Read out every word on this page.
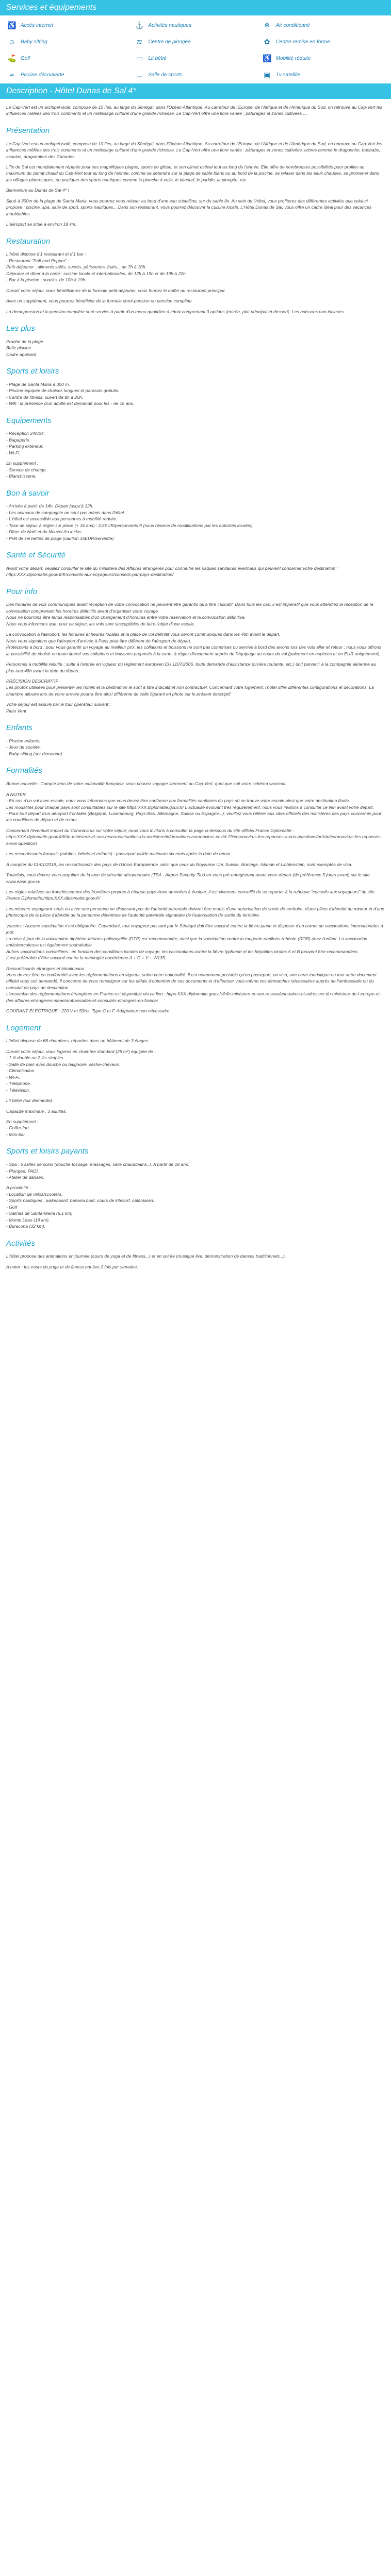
Services et équipements
♿ Accès internet	⚓ Activités nautiques	❄	Air conditionné
☺ Baby sitting	≋	Centre de plongée	✿	Centre remise en forme
⛳ Golf	▭ Lit bébé	♿ Mobilité réduite
≈	Piscine découverte	⚊ Salle de sports	▣ Tv satellite
Description - Hôtel Dunas de Sal 4*

Le Cap-Vert est un archipel isolé, composé de 10 îles, au large du Sénégal, dans l'Océan Atlantique. Au carrefour de l'Europe, de l'Afrique et de l'Amérique du Sud, on retrouve au Cap-Vert les influences mêlées des trois continents et un métissage culturel d'une grande richesse. Le Cap-Vert offre une flore variée : pâturages et zones cultivées ....

Présentation

Le Cap-Vert est un archipel isolé, composé de 10 îles, au large du Sénégal, dans l'Océan Atlantique. Au carrefour de l'Europe, de l'Afrique et de l'Amérique du Sud, on retrouve au Cap-Vert les influences mêlées des trois continents et un métissage culturel d'une grande richesse. Le Cap-Vert offre une flore variée : pâturages et zones cultivées, arbres comme le dragonnier, baobabs, acacias, dragonniers des Canaries.

L'île de Sal est mondialement réputée pour ses magnifiques plages, sports de glisse, et son climat estival tout au long de l'année. Elle offre de nombreuses possibilités pour profiter au maximum du climat chaud du Cap-Vert tout au long de l'année, comme se détendre sur la plage de sable blanc ou au bord de la piscine, se relaxer dans les eaux chaudes, se promener dans les villages pittoresques, ou pratiquer des sports nautiques comme la planche à voile, le kitesurf, le paddle, la plongée, etc.

Bienvenue au Dunas de Sal 4* !

Situé à 300m de la plage de Santa Maria, vous pourrez vous relaxer au bord d'une eau cristalline, sur du sable fin. Au sein de l'hôtel, vous profiterez des différentes activités que celui-ci propose : piscine, spa, salle de sport, sports nautiques... Dans son restaurant, vous pourrez découvrir la cuisine locale. L'Hôtel Dunas de Sal, vous offre un cadre idéal pour des vacances inoubliables.

L'aéroport se situe à environ 18 km.

Restauration

L'hôtel dispose d'1 restaurant et d'1 bar :
- Restaurant "Salt and Pepper" :
Petit-déjeuner : aliments salés, sucrés, pâtisseries, fruits... de 7h à 10h.
Déjeuner et dîner à la carte : cuisine locale et internationales, de 12h à 15h et de 19h à 22h.
- Bar à la piscine : snacks, de 10h à 19h.

Durant votre séjour, vous bénéficierez de la formule petit-déjeuner, vous formez le buffet au restaurant principal.

Avec un supplément, vous pourrez bénéficier de la formule demi-pension ou pension complète.

La demi-pension et la pension complète sont servies à partir d'un menu quotidien à choix comprenant 3 options (entrée, plat principal et dessert). Les boissons non incluses.

Les plus

Proche de la plage
Belle piscine
Cadre apaisant

Sports et loisirs

- Plage de Santa Maria à 300 m.
- Piscine équipée de chaises longues et parasols gratuits.
- Centre de fitness, ouvert de 8h à 20h.
- Wifi : la présence d'un adulte est demandé pour les - de 16 ans.

Equipements

- Réception 24h/24.
- Bagagerie.
- Parking extérieur.
- Wi-Fi.

En supplément :
- Service de change.
- Blanchisserie.

Bon à savoir

- Arrivée à partir de 14h. Départ jusqu'à 12h.
- Les animaux de compagnie ne sont pas admis dans l'hôtel.
- L'hôtel est accessible aux personnes à mobilité réduite.
- Taxe de séjour à régler sur place (+ 16 ans) : 2,5EUR/personne/nuit (sous réserve de modifications par les autorités locales).
- Dîner de Noël et du Nouvel An inclus.
- Prêt de serviettes de plage (caution 15EUR/serviette).

Santé et Sécurité

Avant votre départ, veuillez consulter le site du ministère des Affaires étrangères pour connaître les risques sanitaires éventuels qui peuvent concerner votre destination : https:XXX.diplomatie.gouv.fr/fr/conseils-aux-voyageurs/conseils-par-pays-destination/

Pour info

Des horaires de vols communiqués avant réception de votre convocation ne peuvent être garantis qu'à titre indicatif. Dans tous les cas, il est impératif que vous attendiez la réception de la convocation comprenant les horaires définitifs avant d'organiser votre voyage.
Nous ne pourrons être tenus responsables d'un changement d'horaires entre votre réservation et la convocation définitive.
Nous vous informons que, pour ce séjour, les vols sont susceptibles de faire l'objet d'une escale.

La convocation à l'aéroport, les horaires et heures locales et la place de vol définitif vous seront communiqués dans les 48h avant le départ.
Nous vous signalons que l'aéroport d'arrivée à Paris peut être différent de l'aéroport de départ.
Protections à bord : pour vous garantir un voyage au meilleur prix, les collations et boissons ne sont pas comprises ou servies à bord des avions lors des vols aller et retour ; nous vous offrons la possibilité de choisir en toute liberté vos collations et boissons proposés à la carte, à régler directement auprès de l'équipage au cours du vol (paiement en espèces et en EUR uniquement).

Personnes à mobilité réduite : suite à l'entrée en vigueur du règlement européen EU 1107/2006, toute demande d'assistance (civière roulante, etc.) doit parvenir à la compagnie aérienne au plus tard 48h avant la date du départ.

PRÉCISION DESCRIPTIF
Les photos utilisées pour présenter les hôtels et la destination le sont à titre indicatif et non contractuel. Concernant votre logement, l'hôtel offre différentes configurations et décorations. La chambre allouée lors de votre arrivée pourra être ainsi différente de celle figurant en photo sur le présent descriptif.

Votre séjour est assuré par le tour opérateur suivant :
Plein Vent

Enfants

- Piscine enfants.
- Jeux de société.
- Baby-sitting (sur demande).

Formalités

Bonne nouvelle : Compte tenu de votre nationalité française, vous pouvez voyager librement au Cap-Vert, quel que soit votre schéma vaccinal.

A NOTER
- En cas d'un vol avec escale, nous vous informons que vous devez être conforme aux formalités sanitaires du pays où se trouve votre escale ainsi que votre destination finale.
Les modalités pour chaque pays sont consultables sur le site https:XXX.diplomatie.gouv.fr/ L'actualité évoluant très régulièrement, nous vous invitons à consulter ce lien avant votre départ.
- Pour tout départ d'un aéroport frontalier (Belgique, Luxembourg, Pays-Bas, Allemagne, Suisse ou Espagne...), veuillez vous référer aux sites officiels des ministères des pays concernés pour les conditions de départ et de retour.

Concernant l'éventuel impact du Coronavirus sur votre séjour, nous vous invitons à consulter la page ci-dessous du site officiel France Diplomatie :
https:XXX.diplomatie.gouv.fr/fr/le-ministere-et-son-reseau/actualites-du-ministere/informations-coronavirus-covid-19/coronavirus-les-reponses-a-vos-questions/article/coronavirus-les-reponses-a-vos-questions

Les ressortissants français (adultes, bébés et enfants) : passeport valide minimum six mois après la date de retour.

À compter du 01/01/2019, les ressortissants des pays de l'Union Européenne, ainsi que ceux du Royaume Uni, Suisse, Norvège, Islande et Lichtenstein, sont exemptés de visa.

Toutefois, vous devrez vous acquitter de la taxe de sécurité aéroportuaire (TSA - Airport Security Tax) en vous pré-enregistrant avant votre départ (de préférence 5 jours avant) sur le site www.ease.gov.cv

Les règles relatives au franchissement des frontières propres à chaque pays étant amenées à évoluer, il est vivement conseillé de se reporter à la rubrique "conseils aux voyageurs" du site France Diplomatie,https:XXX.diplomatie.gouv.fr/

Les mineurs voyageant seuls ou avec une personne ne disposant pas de l'autorité parentale doivent être munis d'une autorisation de sortie de territoire, d'une pièce d'identité du mineur et d'une photocopie de la pièce d'identité de la personne détentrice de l'autorité parentale signataire de l'autorisation de sortie du territoire.

Vaccins : Aucune vaccination n'est obligatoire. Cependant, tout voyageur passant par le Sénégal doit être vacciné contre la fièvre jaune et disposer d'un carnet de vaccinations internationales à jour.
La mise à jour de la vaccination diphtérie-tétanos-poliomyélite (DTP) est recommandée, ainsi que la vaccination contre la rougeole-oreillons-rubéole (ROR) chez l'enfant. La vaccination antituberculeuse est également souhaitable.
Autres vaccinations conseillées : en fonction des conditions locales de voyage, les vaccinations contre la fièvre typhoïde et les hépatites virales A et B peuvent être recommandées.
Il est préférable d'être vacciné contre la méningite bactérienne A + C + Y + W135.

Ressortissants étrangers et binationaux :
Vous devrez être en conformité avec les réglementations en vigueur, selon votre nationalité. Il est notamment possible qu'un passeport, un visa, une carte touristique ou tout autre document officiel vous soit demandé. Il concerne de vous renseigner sur les délais d'obtention de ces documents et d'effectuer vous-même vos démarches nécessaires auprès de l'ambassade ou du consulat du pays de destination.
L'ensemble des règlementations étrangères en France est disponible via ce lien : https:XXX.diplomatie.gouv.fr/fr/le-ministere-et-son-reseau/annuaires-et-adresses-du-ministere-de-l-europe-et-des-affaires-etrangeres-meae/ambassades-et-consulats-etrangers-en-france/

COURANT ÉLECTRIQUE : 220 V et 50Hz. Type C et F. Adaptateur non nécessaire.

Logement

L'hôtel dispose de 68 chambres, réparties dans un bâtiment de 3 étages.

Durant votre séjour, vous logerez en chambre standard (25 m²) équipée de :
- 1 lit double ou 2 lits simples.
- Salle de bain avec douche ou baignoire, sèche-cheveux.
- Climatisation.
- Wi-Fi.
- Téléphone.
- Télévision.

Lit bébé (sur demande).

Capacité maximale : 3 adultes.

En supplément :
- Coffre-fort
- Mini-bar

Sports et loisirs payants

- Spa : 6 salles de soins (douche tosuage, massages, salle chaud/bains..). A partir de 18 ans.
- Plongée, PADI.
- Atelier de danses.

A proximité :
- Location de vélos/scooters.
- Sports nautiques : wakeboard, banana boat, cours de kitesurf, catamaran.
- Golf
- Salinas de Santa-Maria (5,1 km).
- Monte Leao (19 km).
- Buracona (32 km).

Activités

L'hôtel propose des animations en journée (cours de yoga et de fitness...) et en soirée (musique live, démonstration de danses traditionnels...).

A noter : les cours de yoga et de fitness ont lieu 2 fois par semaine.
